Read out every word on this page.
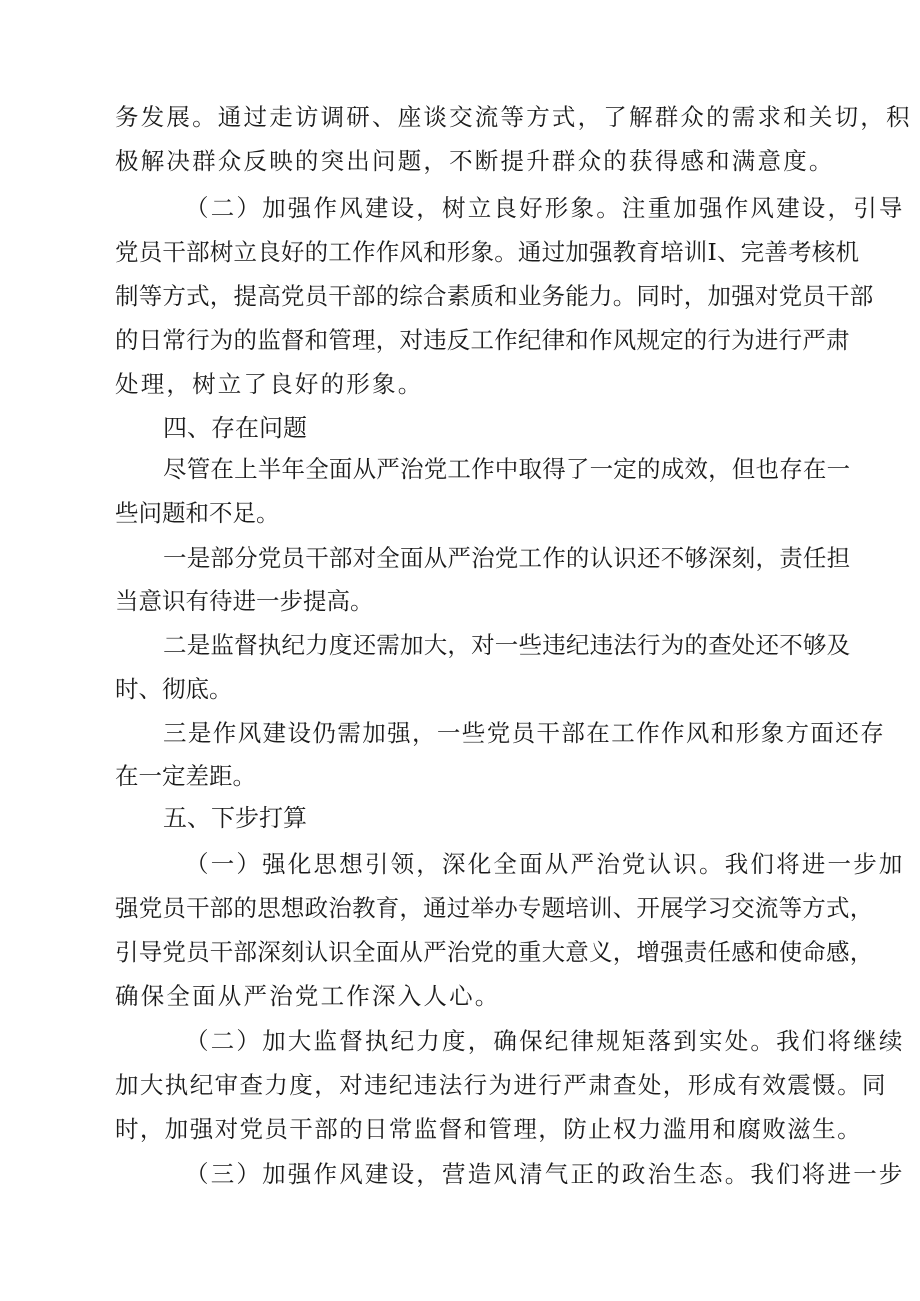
务发展。通过走访调研、座谈交流等方式，了解群众的需求和关切，积
极解决群众反映的突出问题，不断提升群众的获得感和满意度。
（二）加强作风建设，树立良好形象。注重加强作风建设，引导
党员干部树立良好的工作作风和形象。通过加强教育培训I、完善考核机
制等方式，提高党员干部的综合素质和业务能力。同时，加强对党员干部
的日常行为的监督和管理，对违反工作纪律和作风规定的行为进行严肃
处理，树立了良好的形象。
四、存在问题
尽管在上半年全面从严治党工作中取得了一定的成效，但也存在一
些问题和不足。
一是部分党员干部对全面从严治党工作的认识还不够深刻，责任担
当意识有待进一步提高。
二是监督执纪力度还需加大，对一些违纪违法行为的查处还不够及
时、彻底。
三是作风建设仍需加强，一些党员干部在工作作风和形象方面还存
在一定差距。
五、下步打算
（一）强化思想引领，深化全面从严治党认识。我们将进一步加
强党员干部的思想政治教育，通过举办专题培训、开展学习交流等方式，
引导党员干部深刻认识全面从严治党的重大意义，增强责任感和使命感，
确保全面从严治党工作深入人心。
（二）加大监督执纪力度，确保纪律规矩落到实处。我们将继续
加大执纪审查力度，对违纪违法行为进行严肃查处，形成有效震慑。同
时，加强对党员干部的日常监督和管理，防止权力滥用和腐败滋生。
（三）加强作风建设，营造风清气正的政治生态。我们将进一步
